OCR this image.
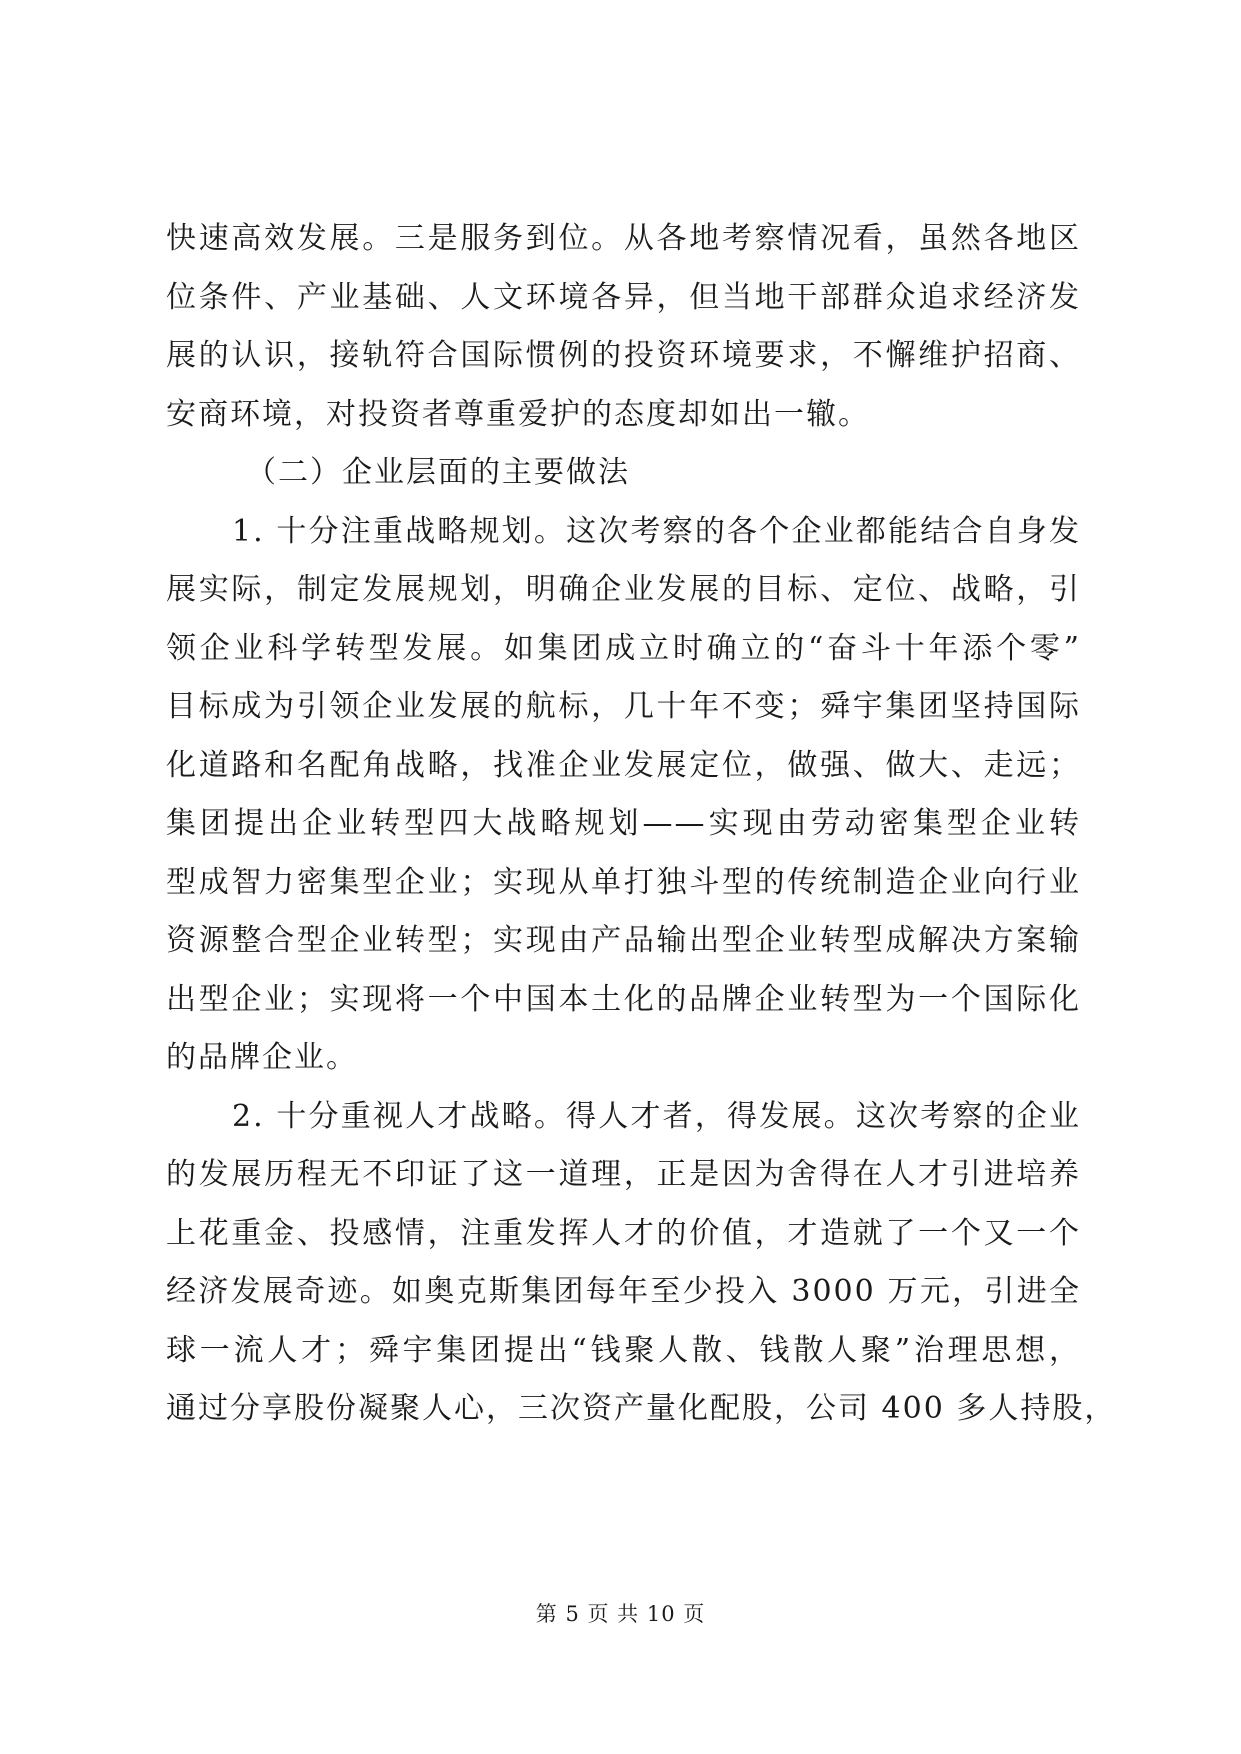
快速高效发展。三是服务到位。从各地考察情况看，虽然各地区
位条件、产业基础、人文环境各异，但当地干部群众追求经济发
展的认识，接轨符合国际惯例的投资环境要求，不懈维护招商、
安商环境，对投资者尊重爱护的态度却如出一辙。
（二）企业层面的主要做法
1. 十分注重战略规划。这次考察的各个企业都能结合自身发
展实际，制定发展规划，明确企业发展的目标、定位、战略，引
领企业科学转型发展。如集团成立时确立的“奋斗十年添个零”
目标成为引领企业发展的航标，几十年不变；舜宇集团坚持国际
化道路和名配角战略，找准企业发展定位，做强、做大、走远；
集团提出企业转型四大战略规划——实现由劳动密集型企业转
型成智力密集型企业；实现从单打独斗型的传统制造企业向行业
资源整合型企业转型；实现由产品输出型企业转型成解决方案输
出型企业；实现将一个中国本土化的品牌企业转型为一个国际化
的品牌企业。
2. 十分重视人才战略。得人才者，得发展。这次考察的企业
的发展历程无不印证了这一道理，正是因为舍得在人才引进培养
上花重金、投感情，注重发挥人才的价值，才造就了一个又一个
经济发展奇迹。如奥克斯集团每年至少投入 3000 万元，引进全
球一流人才；舜宇集团提出“钱聚人散、钱散人聚”治理思想，
通过分享股份凝聚人心，三次资产量化配股，公司 400 多人持股，
第 5 页 共 10 页
